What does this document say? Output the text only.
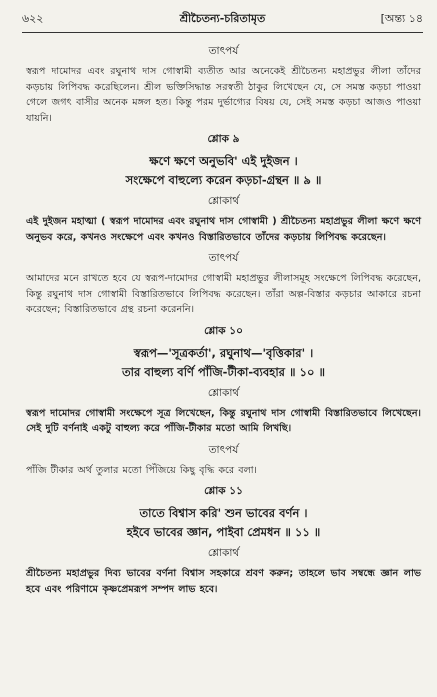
৬২২	শ্রীচৈতন্য-চরিতামৃত	[অন্ত্য ১৪
তাৎপর্য

স্বরূপ দামোদর এবং রঘুনাথ দাস গোস্বামী ব্যতীত আর অনেকেই শ্রীচৈতন্য মহাপ্রভুর লীলা তাঁদের কড়চায় লিপিবদ্ধ করেছিলেন। শ্রীল ভক্তিসিদ্ধান্ত সরস্বতী ঠাকুর লিখেছেন যে, সে সমস্ত কড়চা পাওয়া গেলে জগৎ বাসীর অনেক মঙ্গল হত। কিন্তু পরম দুর্ভাগ্যের বিষয় যে, সেই সমস্ত কড়চা আজও পাওয়া যায়নি।

শ্লোক ৯

ক্ষণে ক্ষণে অনুভবি' এই দুইজন ।

সংক্ষেপে বাহুল্যে করেন কড়চা-গ্রন্থন ॥ ৯ ॥

শ্লোকার্থ

এই দুইজন মহাত্মা ( স্বরূপ দামোদর এবং রঘুনাথ দাস গোস্বামী ) শ্রীচৈতন্য মহাপ্রভুর লীলা ক্ষণে ক্ষণে অনুভব করে, কখনও সংক্ষেপে এবং কখনও বিস্তারিতভাবে তাঁদের কড়চায় লিপিবদ্ধ করেছেন।

তাৎপর্য

আমাদের মনে রাখতে হবে যে স্বরূপ-দামোদর গোস্বামী মহাপ্রভুর লীলাসমূহ সংক্ষেপে লিপিবদ্ধ করেছেন, কিন্তু রঘুনাথ দাস গোস্বামী বিস্তারিতভাবে লিপিবদ্ধ করেছেন। তাঁরা অল্প-বিস্তার কড়চার আকারে রচনা করেছেন; বিস্তারিতভাবে গ্রন্থ রচনা করেননি।

শ্লোক ১০

স্বরূপ—'সূত্রকর্তা', রঘুনাথ—'বৃত্তিকার' ।

তার বাহুল্য বর্ণি পাঁজি-টীকা-ব্যবহার ॥ ১০ ॥

শ্লোকার্থ

স্বরূপ দামোদর গোস্বামী সংক্ষেপে সূত্র লিখেছেন, কিন্তু রঘুনাথ দাস গোস্বামী বিস্তারিতভাবে লিখেছেন। সেই দুটি বর্ণনাই একটু বাহুল্য করে পাঁজি-টীকার মতো আমি লিখছি।

তাৎপর্য

পাঁজি টীকার অর্থ তুলার মতো পিঁজিয়ে কিছু বৃদ্ধি করে বলা।

শ্লোক ১১

তাতে বিশ্বাস করি' শুন ভাবের বর্ণন ।

হইবে ভাবের জ্ঞান, পাইবা প্রেমধন ॥ ১১ ॥

শ্লোকার্থ

শ্রীচৈতন্য মহাপ্রভুর দিব্য ভাবের বর্ণনা বিশ্বাস সহকারে শ্রবণ করুন; তাহলে ভাব সম্বন্ধে জ্ঞান লাভ হবে এবং পরিণামে কৃষ্ণপ্রেমরূপ সম্পদ লাভ হবে।
